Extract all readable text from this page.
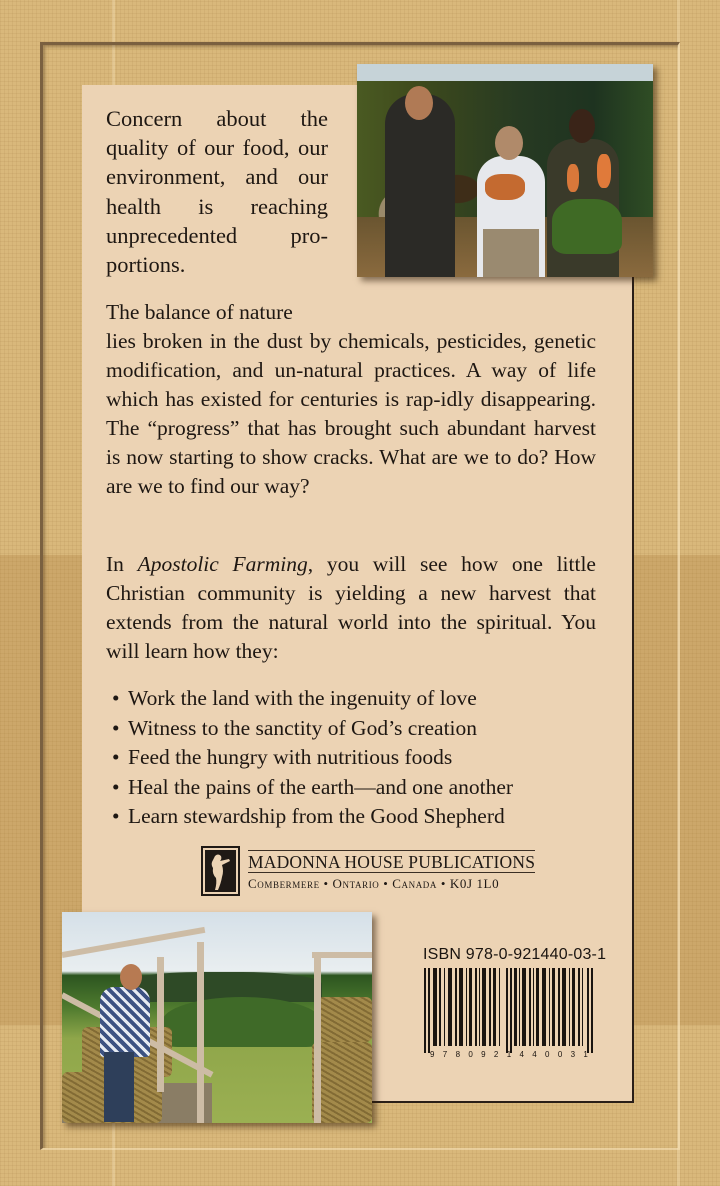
Concern about the quality of our food, our environment, and our health is reaching unprecedented pro-portions.
The balance of nature
lies broken in the dust by chemicals, pesticides, genetic modification, and un-natural practices. A way of life which has existed for centuries is rap-idly disappearing. The “progress” that has brought such abundant harvest is now starting to show cracks. What are we to do? How are we to find our way?
In Apostolic Farming, you will see how one little Christian community is yielding a new harvest that extends from the natural world into the spiritual. You will learn how they:
• Work the land with the ingenuity of love
• Witness to the sanctity of God’s creation
• Feed the hungry with nutritious foods
• Heal the pains of the earth—and one another
• Learn stewardship from the Good Shepherd
MADONNA HOUSE PUBLICATIONS
Combermere • Ontario • Canada • K0J 1L0
ISBN 978-0-921440-03-1
9 7 8 0 9 2 1 4 4 0 0 3 1
